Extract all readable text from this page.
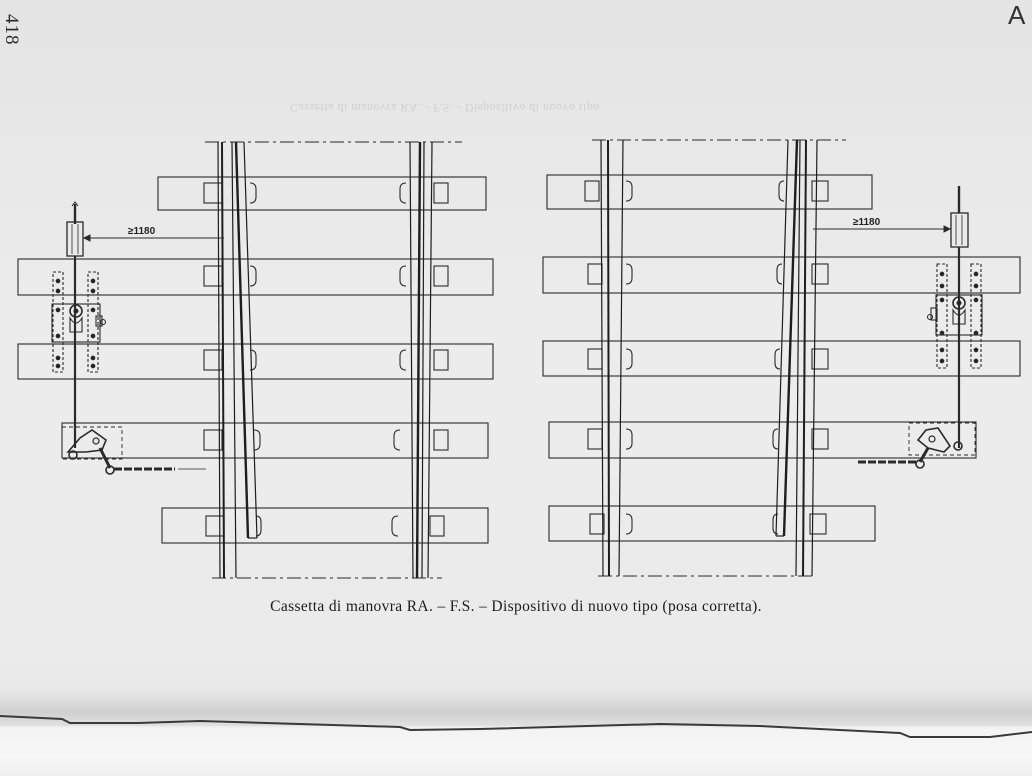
418
Cassetta di manovra RA. - F.S. - Dispositivo di nuovo tipo
A
≥1180
≥1180
Cassetta di manovra RA. – F.S. – Dispositivo di nuovo tipo (posa corretta).
